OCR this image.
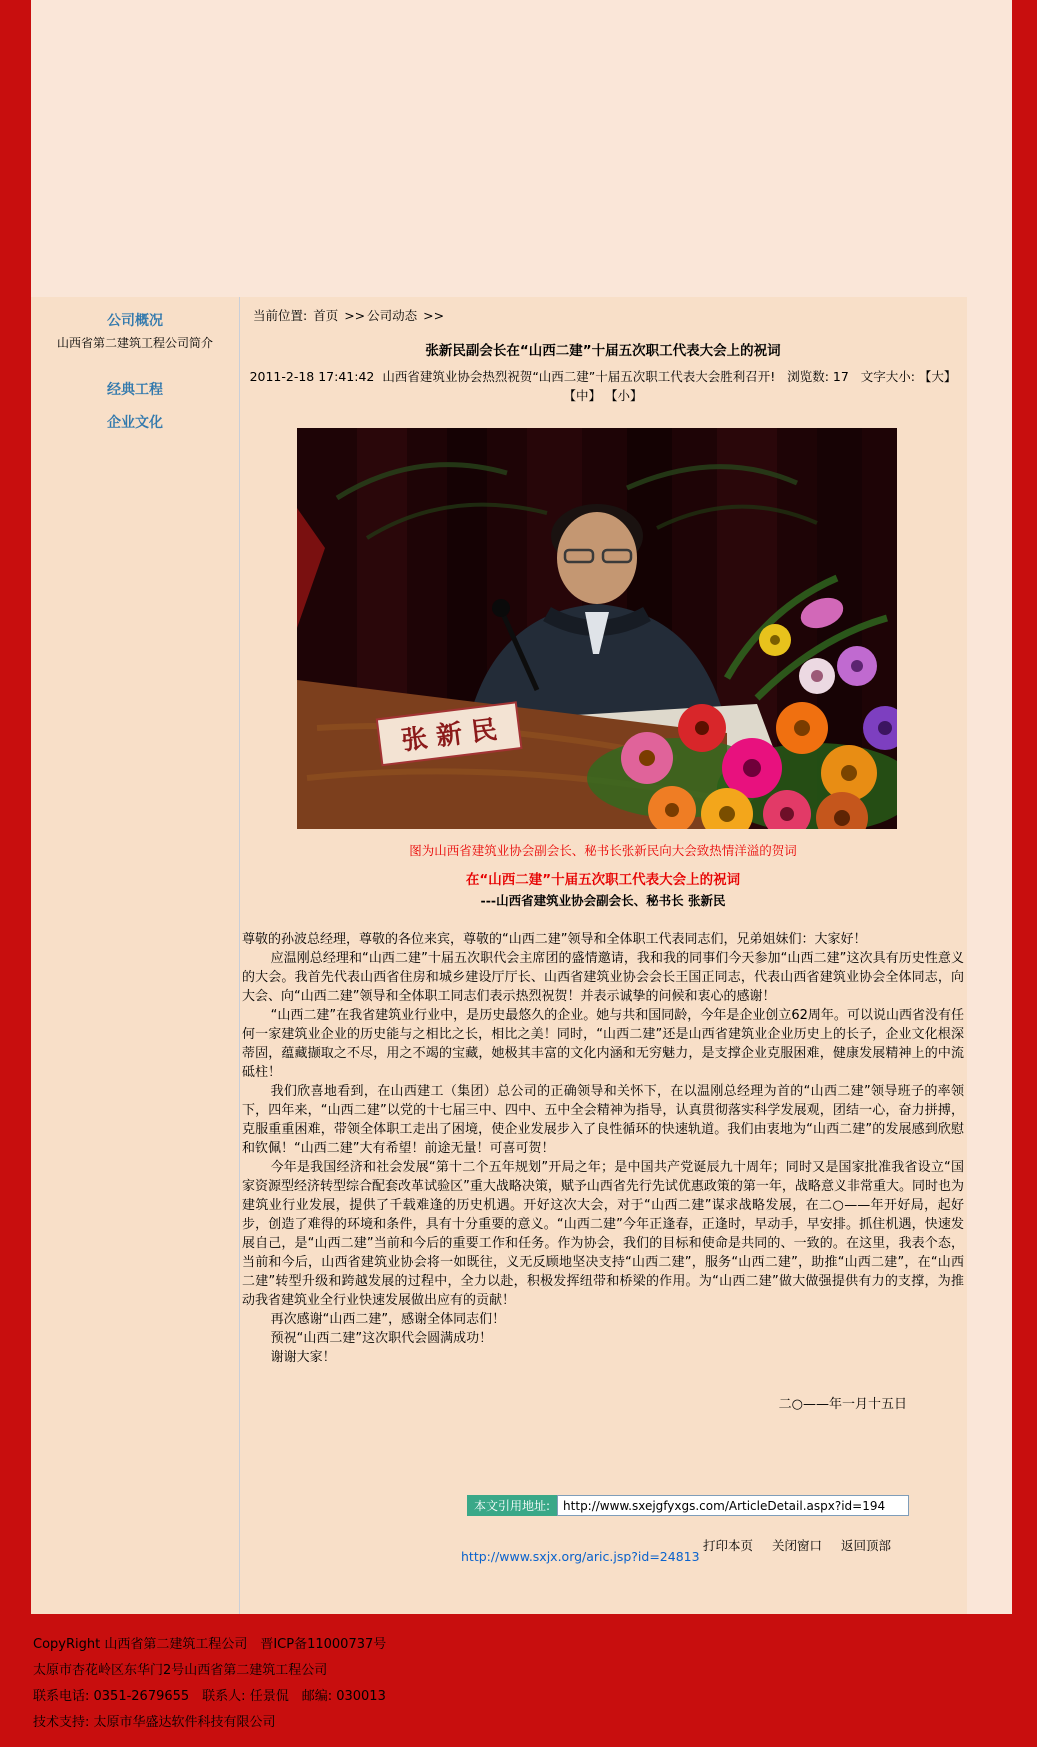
公司概况
山西省第二建筑工程公司简介
经典工程
企业文化
当前位置: 首页 >> 公司动态 >>
张新民副会长在“山西二建”十届五次职工代表大会上的祝词
2011-2-18 17:41:42 山西省建筑业协会热烈祝贺“山西二建”十届五次职工代表大会胜利召开! 浏览数: 17 文字大小: 【大】
【中】 【小】
张 新 民
图为山西省建筑业协会副会长、秘书长张新民向大会致热情洋溢的贺词
在“山西二建”十届五次职工代表大会上的祝词
---山西省建筑业协会副会长、秘书长 张新民

尊敬的孙波总经理，尊敬的各位来宾，尊敬的“山西二建”领导和全体职工代表同志们，兄弟姐妹们：大家好！

应温刚总经理和“山西二建”十届五次职代会主席团的盛情邀请，我和我的同事们今天参加“山西二建”这次具有历史性意义的大会。我首先代表山西省住房和城乡建设厅厅长、山西省建筑业协会会长王国正同志，代表山西省建筑业协会全体同志，向大会、向“山西二建”领导和全体职工同志们表示热烈祝贺！并表示诚挚的问候和衷心的感谢！

“山西二建”在我省建筑业行业中，是历史最悠久的企业。她与共和国同龄，今年是企业创立62周年。可以说山西省没有任何一家建筑业企业的历史能与之相比之长，相比之美！同时，“山西二建”还是山西省建筑业企业历史上的长子，企业文化根深蒂固，蕴藏撷取之不尽，用之不竭的宝藏，她极其丰富的文化内涵和无穷魅力，是支撑企业克服困难，健康发展精神上的中流砥柱！

我们欣喜地看到，在山西建工（集团）总公司的正确领导和关怀下，在以温刚总经理为首的“山西二建”领导班子的率领下，四年来，“山西二建”以党的十七届三中、四中、五中全会精神为指导，认真贯彻落实科学发展观，团结一心，奋力拼搏，克服重重困难，带领全体职工走出了困境，使企业发展步入了良性循环的快速轨道。我们由衷地为“山西二建”的发展感到欣慰和钦佩！“山西二建”大有希望！前途无量！可喜可贺！

今年是我国经济和社会发展“第十二个五年规划”开局之年；是中国共产党诞辰九十周年；同时又是国家批准我省设立“国家资源型经济转型综合配套改革试验区”重大战略决策，赋予山西省先行先试优惠政策的第一年，战略意义非常重大。同时也为建筑业行业发展，提供了千载难逢的历史机遇。开好这次大会，对于“山西二建”谋求战略发展，在二○——年开好局，起好步，创造了难得的环境和条件，具有十分重要的意义。“山西二建”今年正逢春，正逢时，早动手，早安排。抓住机遇，快速发展自己，是“山西二建”当前和今后的重要工作和任务。作为协会，我们的目标和使命是共同的、一致的。在这里，我表个态，当前和今后，山西省建筑业协会将一如既往，义无反顾地坚决支持“山西二建”，服务“山西二建”，助推“山西二建”，在“山西二建”转型升级和跨越发展的过程中，全力以赴，积极发挥纽带和桥梁的作用。为“山西二建”做大做强提供有力的支撑，为推动我省建筑业全行业快速发展做出应有的贡献！

再次感谢“山西二建”，感谢全体同志们！

预祝“山西二建”这次职代会圆满成功！

谢谢大家！

二○——年一月十五日
本文引用地址:
http://www.sxejgfyxgs.com/ArticleDetail.aspx?id=194
打印本页 关闭窗口 返回顶部
http://www.sxjx.org/aric.jsp?id=24813
CopyRight 山西省第二建筑工程公司　晋ICP备11000737号
太原市杏花岭区东华门2号山西省第二建筑工程公司
联系电话: 0351-2679655　联系人: 任景侃　邮编: 030013
技术支持: 太原市华盛达软件科技有限公司
